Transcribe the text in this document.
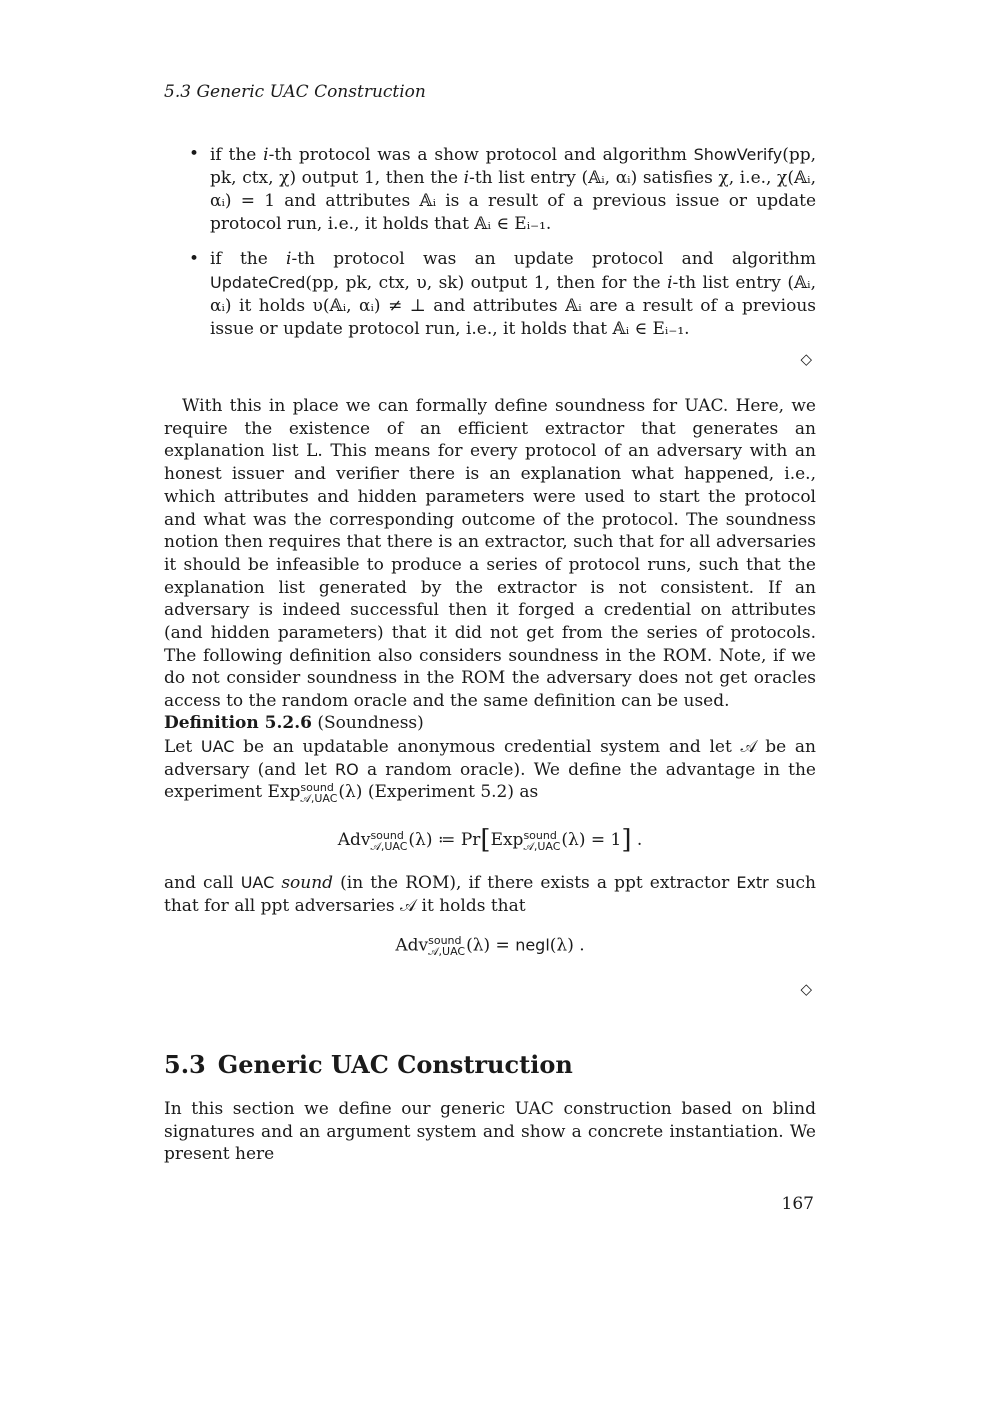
5.3 Generic UAC Construction
• if the i-th protocol was a show protocol and algorithm ShowVerify(pp, pk, ctx, χ) output 1, then the i-th list entry (𝔸ᵢ, αᵢ) satisfies χ, i.e., χ(𝔸ᵢ, αᵢ) = 1 and attributes 𝔸ᵢ is a result of a previous issue or update protocol run, i.e., it holds that 𝔸ᵢ ∈ Eᵢ₋₁.
• if the i-th protocol was an update protocol and algorithm UpdateCred(pp, pk, ctx, υ, sk) output 1, then for the i-th list entry (𝔸ᵢ, αᵢ) it holds υ(𝔸ᵢ, αᵢ) ≠ ⊥ and attributes 𝔸ᵢ are a result of a previous issue or update protocol run, i.e., it holds that 𝔸ᵢ ∈ Eᵢ₋₁.
◇

With this in place we can formally define soundness for UAC. Here, we require the existence of an efficient extractor that generates an explanation list L. This means for every protocol of an adversary with an honest issuer and verifier there is an explanation what happened, i.e., which attributes and hidden parameters were used to start the protocol and what was the corresponding outcome of the protocol. The soundness notion then requires that there is an extractor, such that for all adversaries it should be infeasible to produce a series of protocol runs, such that the explanation list generated by the extractor is not consistent. If an adversary is indeed successful then it forged a credential on attributes (and hidden parameters) that it did not get from the series of protocols. The following definition also considers soundness in the ROM. Note, if we do not consider soundness in the ROM the adversary does not get oracles access to the random oracle and the same definition can be used.

Definition 5.2.6 (Soundness)

Let UAC be an updatable anonymous credential system and let 𝒜 be an adversary (and let RO a random oracle). We define the advantage in the experiment Exp sound
𝒜,UAC (λ) (Experiment 5.2) as

Adv sound
𝒜,UAC (λ) ≔ Pr[Exp sound
𝒜,UAC (λ) = 1] .

and call UAC sound (in the ROM), if there exists a ppt extractor Extr such that for all ppt adversaries 𝒜 it holds that

Adv sound
𝒜,UAC (λ) = negl(λ) .
◇
5.3 Generic UAC Construction

In this section we define our generic UAC construction based on blind signatures and an argument system and show a concrete instantiation. We present here

167
